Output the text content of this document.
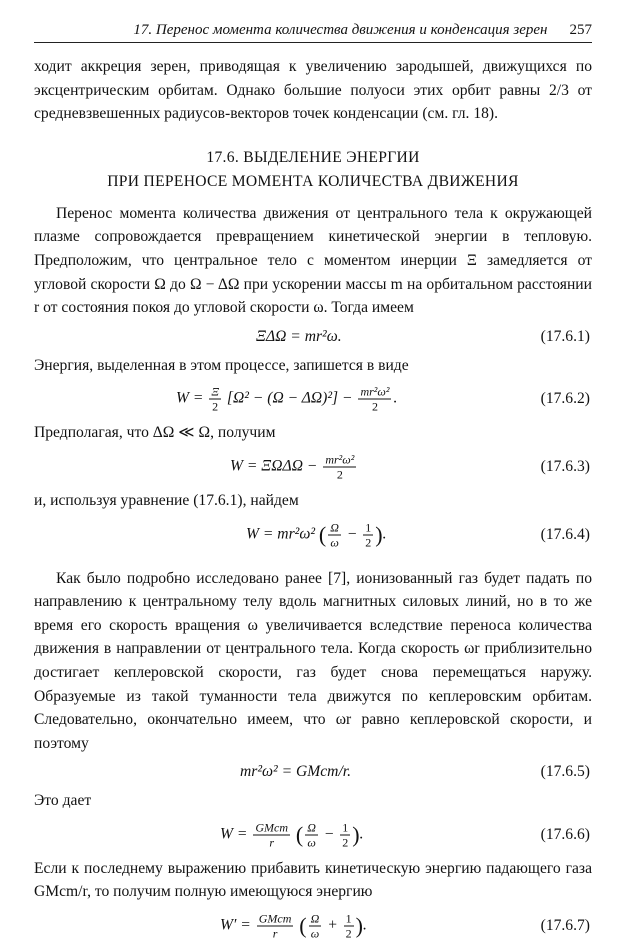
17. Перенос момента количества движения и конденсация зерен 257

ходит аккреция зерен, приводящая к увеличению зародышей, движущихся по эксцентрическим орбитам. Однако большие полуоси этих орбит равны 2/3 от средневзвешенных радиусов-векторов точек конденсации (см. гл. 18).

17.6. ВЫДЕЛЕНИЕ ЭНЕРГИИ
ПРИ ПЕРЕНОСЕ МОМЕНТА КОЛИЧЕСТВА ДВИЖЕНИЯ

Перенос момента количества движения от центрального тела к окружающей плазме сопровождается превращением кинетической энергии в тепловую. Предположим, что центральное тело с моментом инерции Ξ замедляется от угловой скорости Ω до Ω − ΔΩ при ускорении массы m на орбитальном расстоянии r от состояния покоя до угловой скорости ω. Тогда имеем

ΞΔΩ = mr²ω.	(17.6.1)

Энергия, выделенная в этом процессе, запишется в виде

$W = \frac{\Xi}{2} [\Omega^2 - (\Omega - \Delta\Omega)^2] - \frac{\text{mr²ω²}}{2}$ .	(17.6.2)

Предполагая, что ΔΩ ≪ Ω, получим

$W = \Xi\Omega\Delta\Omega - \frac{\text{mr²ω²}}{2}$	(17.6.3)

и, используя уравнение (17.6.1), найдем

W = mr²ω² ( $\frac{\Omega}{\omega} - \frac{1}{2}$ ).	(17.6.4)

Как было подробно исследовано ранее [7], ионизованный газ будет падать по направлению к центральному телу вдоль магнитных силовых линий, но в то же время его скорость вращения ω увеличивается вследствие переноса количества движения в направлении от центрального тела. Когда скорость ωr приблизительно достигает кеплеровской скорости, газ будет снова перемещаться наружу. Образуемые из такой туманности тела движутся по кеплеровским орбитам. Следовательно, окончательно имеем, что ωr равно кеплеровской скорости, и поэтому

mr²ω² = GMcm/r.	(17.6.5)

Это дает

$W = \frac{\text{GMcm}}{r}$ ( $\frac{\Omega}{\omega} - \frac{1}{2}$ ).	(17.6.6)

Если к последнему выражению прибавить кинетическую энергию падающего газа GMcm/r, то получим полную имеющуюся энергию

$W' = \frac{\text{GMcm}}{r}$ ( $\frac{\Omega}{\omega} + \frac{1}{2}$ ).	(17.6.7)
